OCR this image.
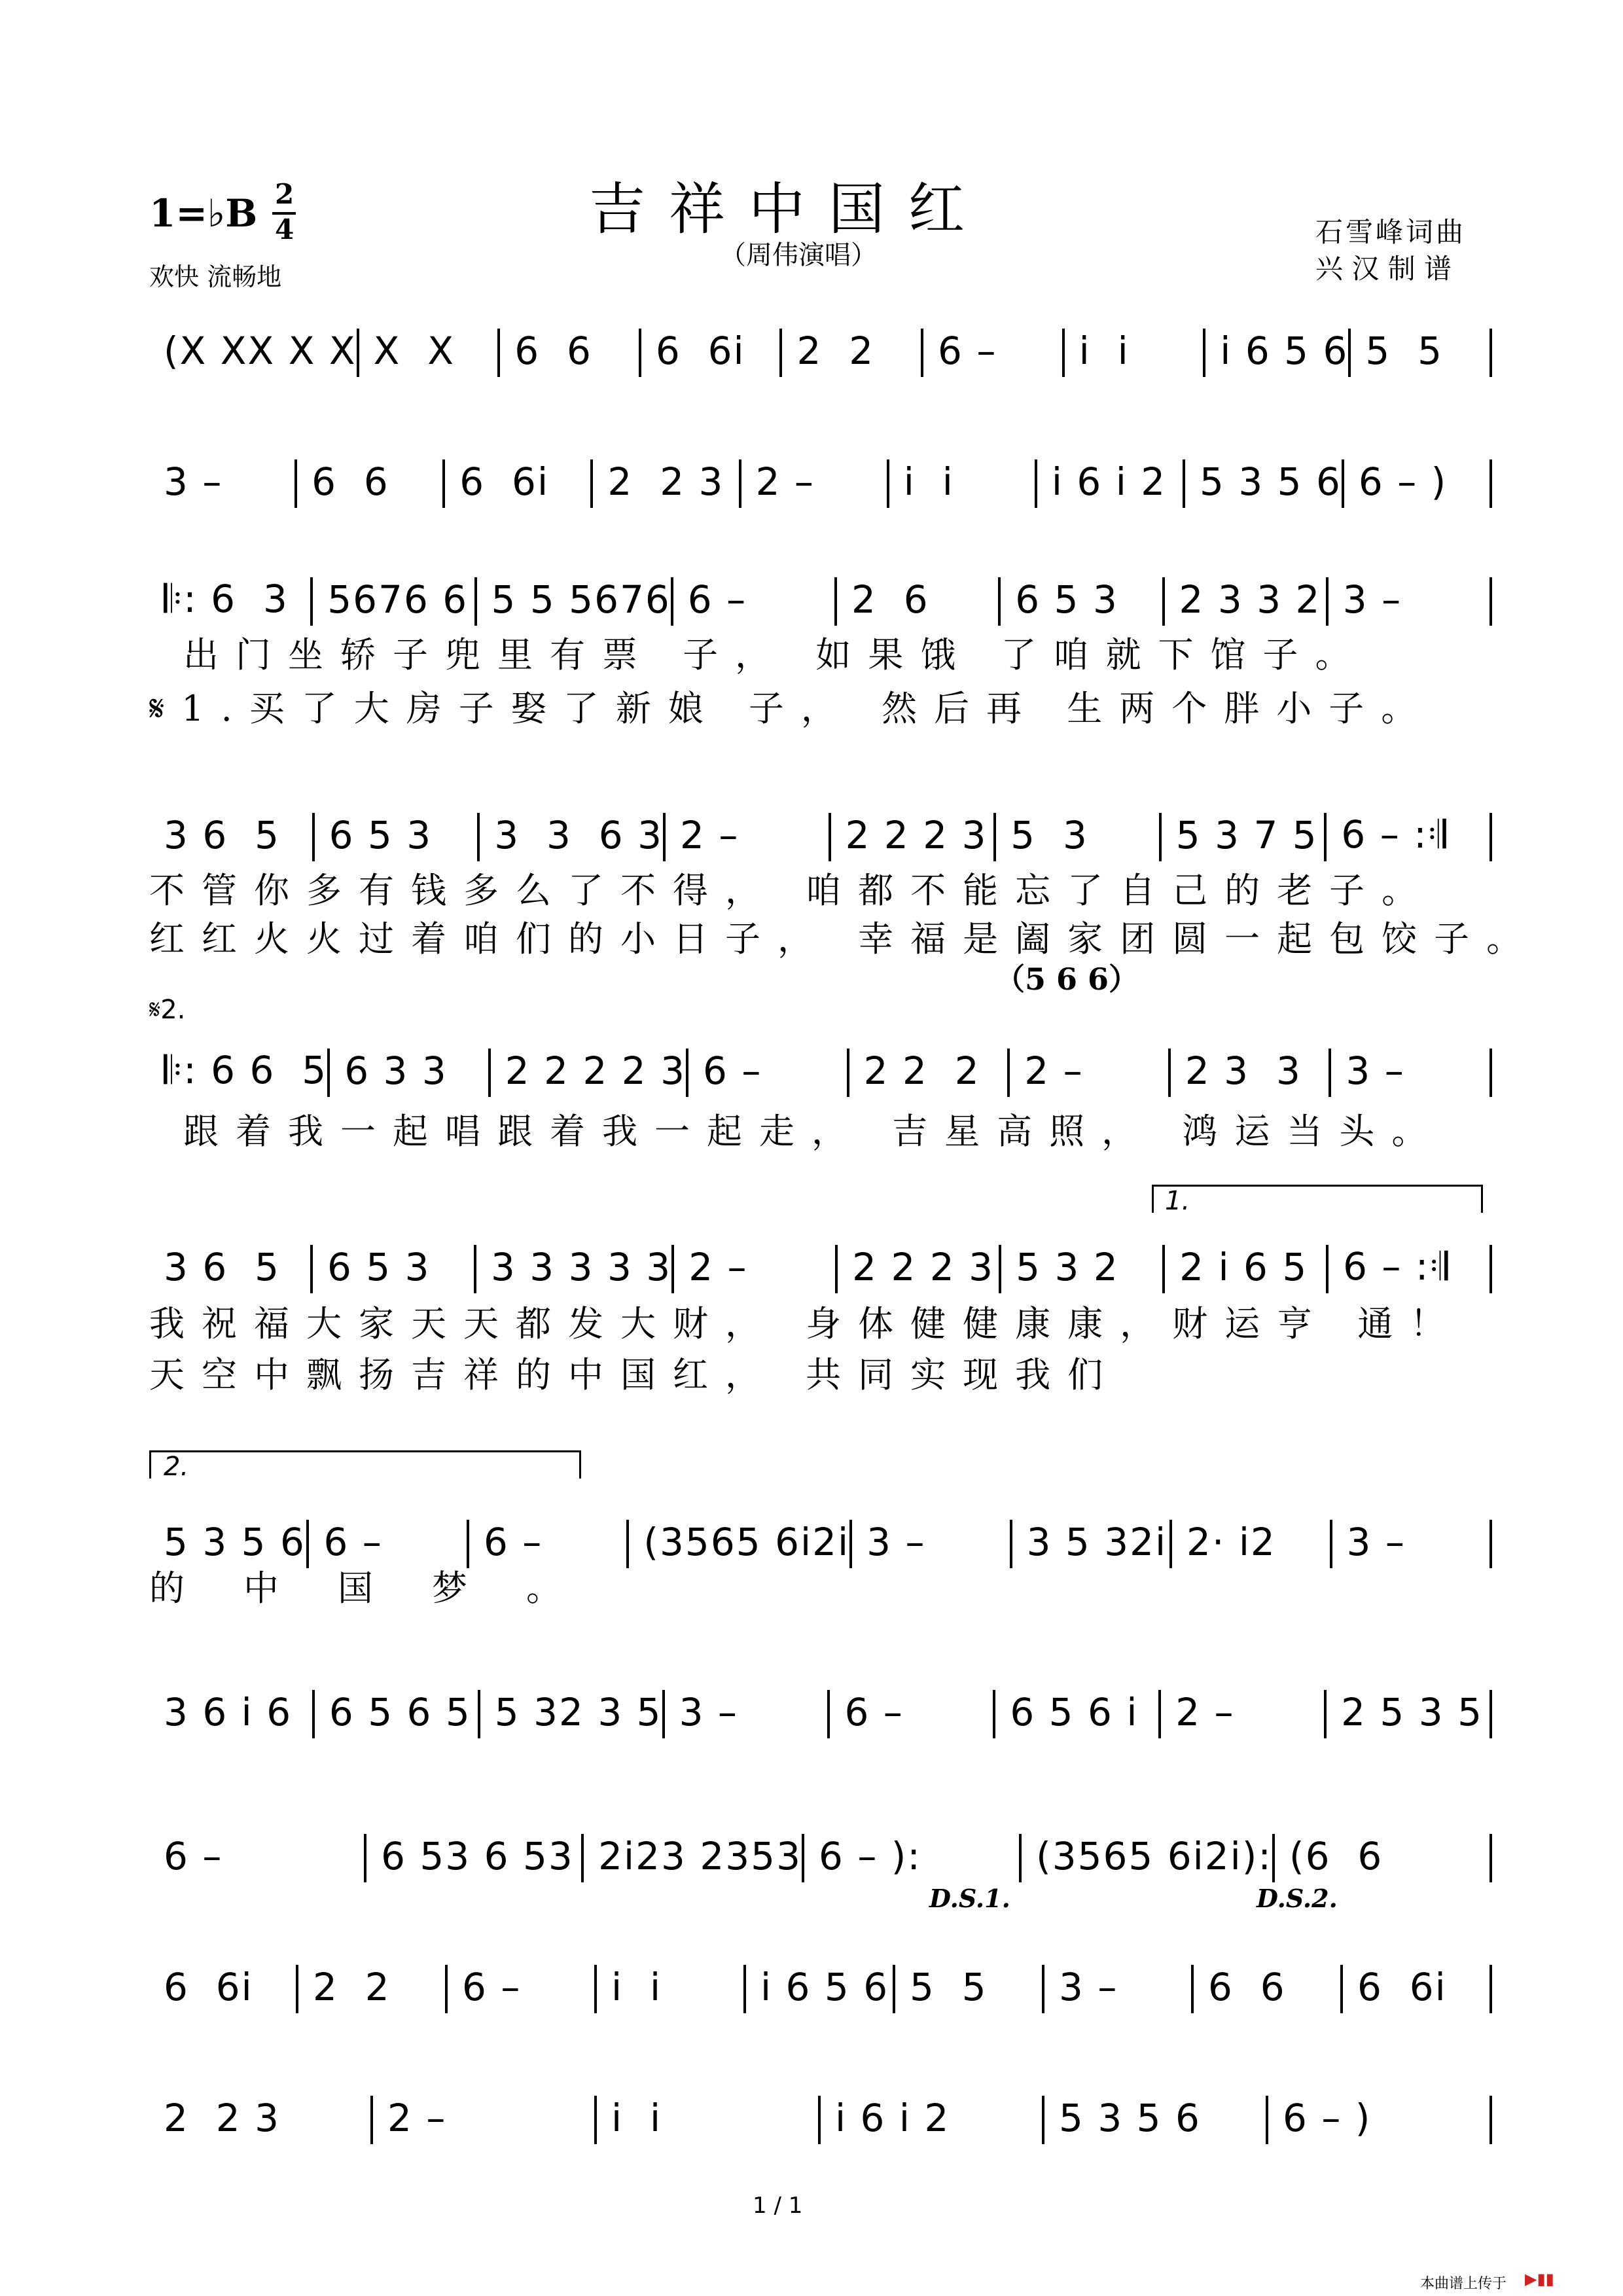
1=♭B 2
4
欢快 流畅地
吉祥中国红
（周伟演唱）
石雪峰词曲
兴 汉 制 谱
(X XX X X X  X	6  6	6  6i	2  2	6 –	i  i	i 6 5 6 5  5
3 –	6  6	6  6i	2  2 3 2 –	i  i	i 6 i 2 5 3 5 6 6 – )
𝄆: 6  3	5676 6 5 5 5676 6 –	2  6	6 5 3	2 3 3 2 3 –
3 6  5	6 5 3	3  3  6 3 2 –	2 2 2 3 5  3	5 3 7 5 6 – :𝄇
𝄆: 6 6  5 6 3 3	2 2 2 2 3 6 –	2 2  2	2 –	2 3  3	3 –
3 6  5	6 5 3	3 3 3 3 3 2 –	2 2 2 3 5 3 2	2 i 6 5 6 – :𝄇
5 3 5 6 6 –	6 –	(3565 6i2i 3 –	3 5 32i 2· i2	3 –
3 6 i 6 6 5 6 5 5 32 3 5 3 –	6 –	6 5 6 i 2 –	2 5 3 5
6 –	6 53 6 53 2i23 2353 6 – ):	(3565 6i2i): (6  6
6  6i	2  2	6 –	i  i	i 6 5 6 5  5	3 –	6  6	6  6i
2  2 3	2 –	i  i	i 6 i 2	5 3 5 6	6 – )
出门坐轿子兜里有票 子， 如果饿 了咱就下馆子。
𝄋1.买了大房子娶了新娘 子， 然后再 生两个胖小子。
不管你多有钱多么了不得， 咱都不能忘了自己的老子。
红红火火过着咱们的小日子， 幸福是阖家团圆一起包饺子。
（5 6 6）
𝄋2.
跟着我一起唱跟着我一起走， 吉星高照， 鸿运当头。
1.
我祝福大家天天都发大财， 身体健健康康，财运亨 通！
天空中飘扬吉祥的中国红， 共同实现我们
2.
的中国梦。
D.S.1.	D.S.2.
1 / 1
本曲谱上传于 ▶▮▮
